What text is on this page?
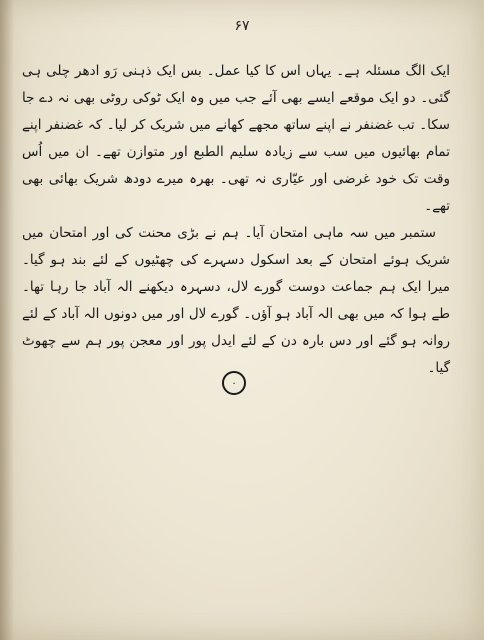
۶۷

ایک الگ مسئلہ ہے۔ یہاں اس کا کیا عمل۔ بس ایک ذہنی رَو ادھر چلی ہی گئی۔ دو ایک موقعے ایسے بھی آئے جب میں وہ ایک ٹوکی روٹی بھی نہ دے جا سکا۔ تب غضنفر نے اپنے ساتھ مجھے کھانے میں شریک کر لیا۔ کہ غضنفر اپنے تمام بھائیوں میں سب سے زیادہ سلیم الطبع اور متوازن تھے۔ ان میں اُس وقت تک خود غرضی اور عیّاری نہ تھی۔ بھرہ میرے دودھ شریک بھائی بھی تھے۔

ستمبر میں سہ ماہی امتحان آیا۔ ہم نے بڑی محنت کی اور امتحان میں شریک ہوئے امتحان کے بعد اسکول دسہرے کی چھٹیوں کے لئے بند ہو گیا۔ میرا ایک ہم جماعت دوست گورے لال، دسہرہ دیکھنے الہ آباد جا رہا تھا۔ طے ہوا کہ میں بھی الہ آباد ہو آؤں۔ گورے لال اور میں دونوں الہ آباد کے لئے روانہ ہو گئے اور دس بارہ دن کے لئے ایدل پور اور معجن پور ہم سے چھوٹ گیا۔

۰
